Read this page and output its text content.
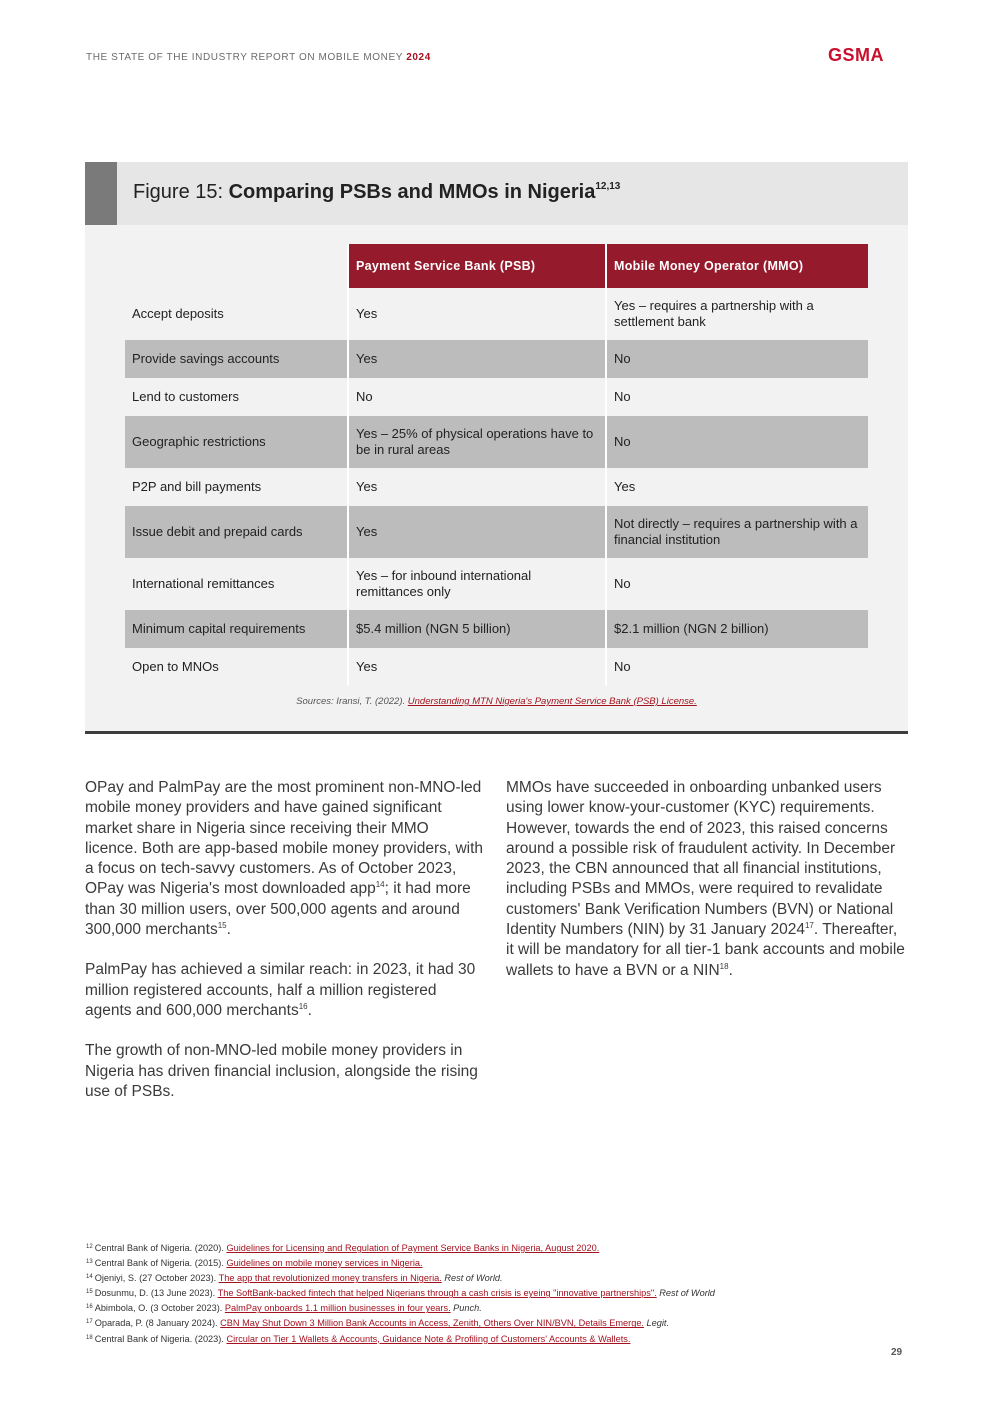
THE STATE OF THE INDUSTRY REPORT ON MOBILE MONEY 2024	GSMA
Figure 15: Comparing PSBs and MMOs in Nigeria$^{12,13}$
	Payment Service Bank (PSB)	Mobile Money Operator (MMO)
Accept deposits	Yes	Yes – requires a partnership with a settlement bank
Provide savings accounts	Yes	No
Lend to customers	No	No
Geographic restrictions	Yes – 25% of physical operations have to be in rural areas	No
P2P and bill payments	Yes	Yes
Issue debit and prepaid cards	Yes	Not directly – requires a partnership with a financial institution
International remittances	Yes – for inbound international remittances only	No
Minimum capital requirements	$5.4 million (NGN 5 billion)	$2.1 million (NGN 2 billion)
Open to MNOs	Yes	No
Sources: Iransi, T. (2022). Understanding MTN Nigeria's Payment Service Bank (PSB) License.

OPay and PalmPay are the most prominent non-MNO-led mobile money providers and have gained significant market share in Nigeria since receiving their MMO licence. Both are app-based mobile money providers, with a focus on tech-savvy customers. As of October 2023, OPay was Nigeria's most downloaded app$^{14}$; it had more than 30 million users, over 500,000 agents and around 300,000 merchants$^{15}$.

PalmPay has achieved a similar reach: in 2023, it had 30 million registered accounts, half a million registered agents and 600,000 merchants$^{16}$.

The growth of non-MNO-led mobile money providers in Nigeria has driven financial inclusion, alongside the rising use of PSBs.

MMOs have succeeded in onboarding unbanked users using lower know-your-customer (KYC) requirements. However, towards the end of 2023, this raised concerns around a possible risk of fraudulent activity. In December 2023, the CBN announced that all financial institutions, including PSBs and MMOs, were required to revalidate customers' Bank Verification Numbers (BVN) or National Identity Numbers (NIN) by 31 January 2024$^{17}$. Thereafter, it will be mandatory for all tier-1 bank accounts and mobile wallets to have a BVN or a NIN$^{18}$.

$^{12}$ Central Bank of Nigeria. (2020). Guidelines for Licensing and Regulation of Payment Service Banks in Nigeria, August 2020.
$^{13}$ Central Bank of Nigeria. (2015). Guidelines on mobile money services in Nigeria.
$^{14}$ Ojeniyi, S. (27 October 2023). The app that revolutionized money transfers in Nigeria. Rest of World.
$^{15}$ Dosunmu, D. (13 June 2023). The SoftBank-backed fintech that helped Nigerians through a cash crisis is eyeing "innovative partnerships". Rest of World
$^{16}$ Abimbola, O. (3 October 2023). PalmPay onboards 1.1 million businesses in four years. Punch.
$^{17}$ Oparada, P. (8 January 2024). CBN May Shut Down 3 Million Bank Accounts in Access, Zenith, Others Over NIN/BVN, Details Emerge. Legit.
$^{18}$ Central Bank of Nigeria. (2023). Circular on Tier 1 Wallets & Accounts, Guidance Note & Profiling of Customers' Accounts & Wallets.
29
